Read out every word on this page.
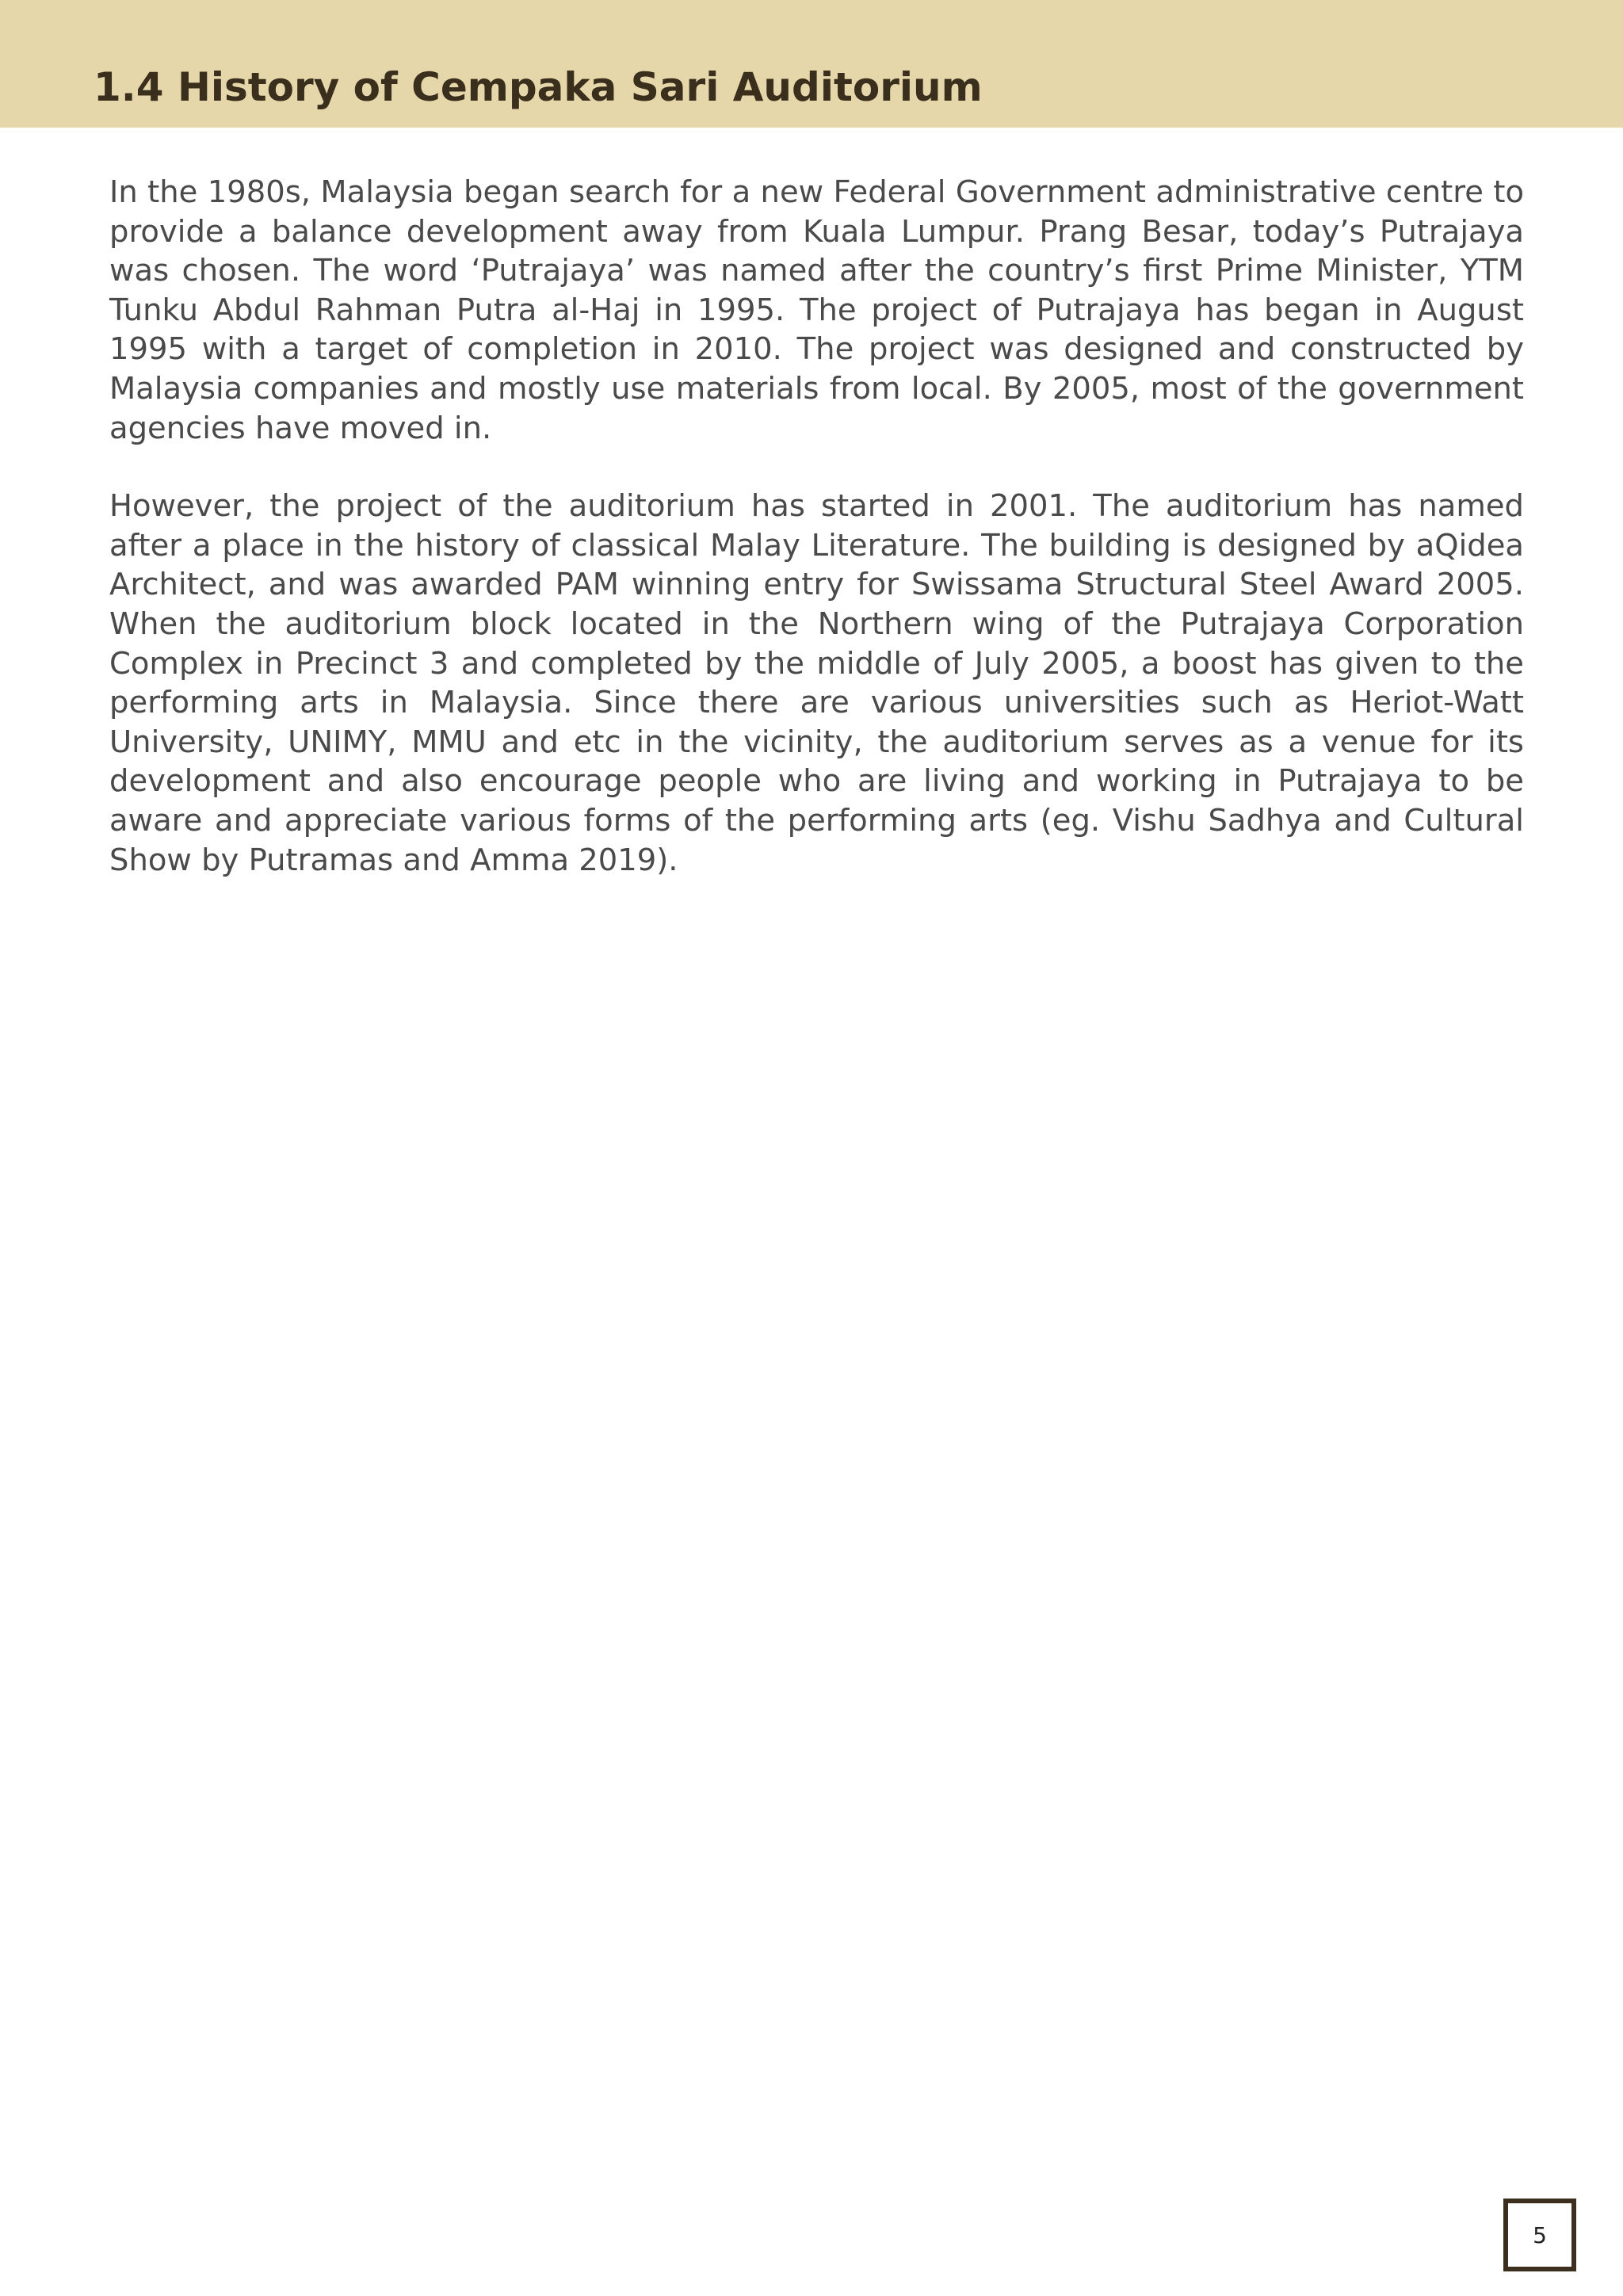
1.4 History of Cempaka Sari Auditorium

In the 1980s, Malaysia began search for a new Federal Government administrative centre to provide a balance development away from Kuala Lumpur. Prang Besar, today’s Putrajaya was chosen. The word ‘Putrajaya’ was named after the country’s first Prime Minister, YTM Tunku Abdul Rahman Putra al-Haj in 1995. The project of Putrajaya has began in August 1995 with a target of completion in 2010. The project was designed and constructed by Malaysia companies and mostly use materials from local. By 2005, most of the government agencies have moved in.

However, the project of the auditorium has started in 2001. The auditorium has named after a place in the history of classical Malay Literature. The building is designed by aQidea Architect, and was awarded PAM winning entry for Swissama Structural Steel Award 2005. When the auditorium block located in the Northern wing of the Putrajaya Corporation Complex in Precinct 3 and completed by the middle of July 2005, a boost has given to the performing arts in Malaysia. Since there are various universities such as Heriot-Watt University, UNIMY, MMU and etc in the vicinity, the auditorium serves as a venue for its development and also encourage people who are living and working in Putrajaya to be aware and appreciate various forms of the performing arts (eg. Vishu Sadhya and Cultural Show by Putramas and Amma 2019).

5
